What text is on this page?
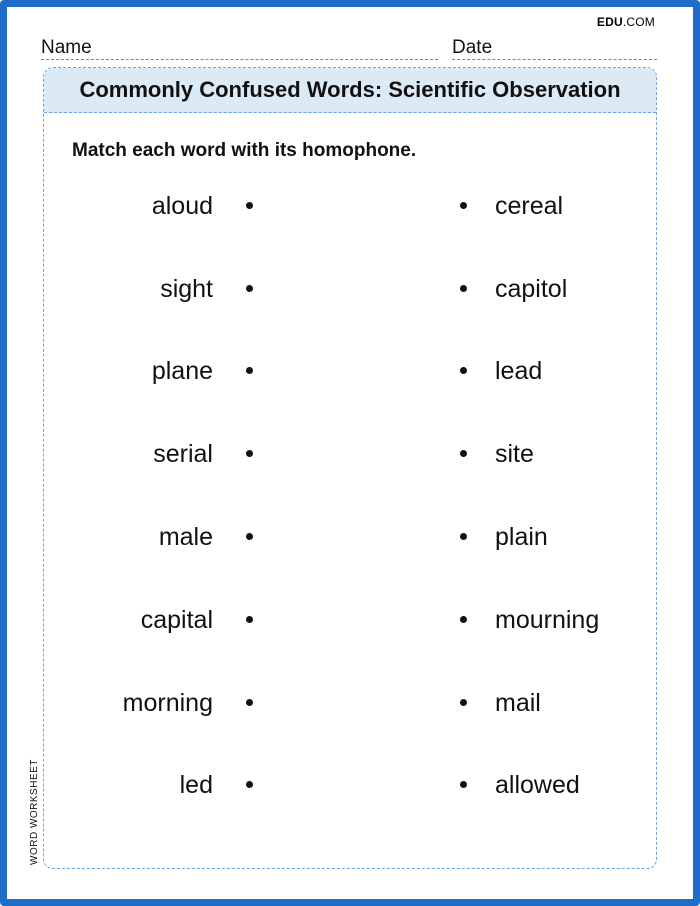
EDU.COM
Name	Date
Commonly Confused Words: Scientific Observation
Match each word with its homophone.
aloud	cereal
sight	capitol
plane	lead
serial	site
male	plain
capital	mourning
morning	mail
led	allowed
WORD WORKSHEET
